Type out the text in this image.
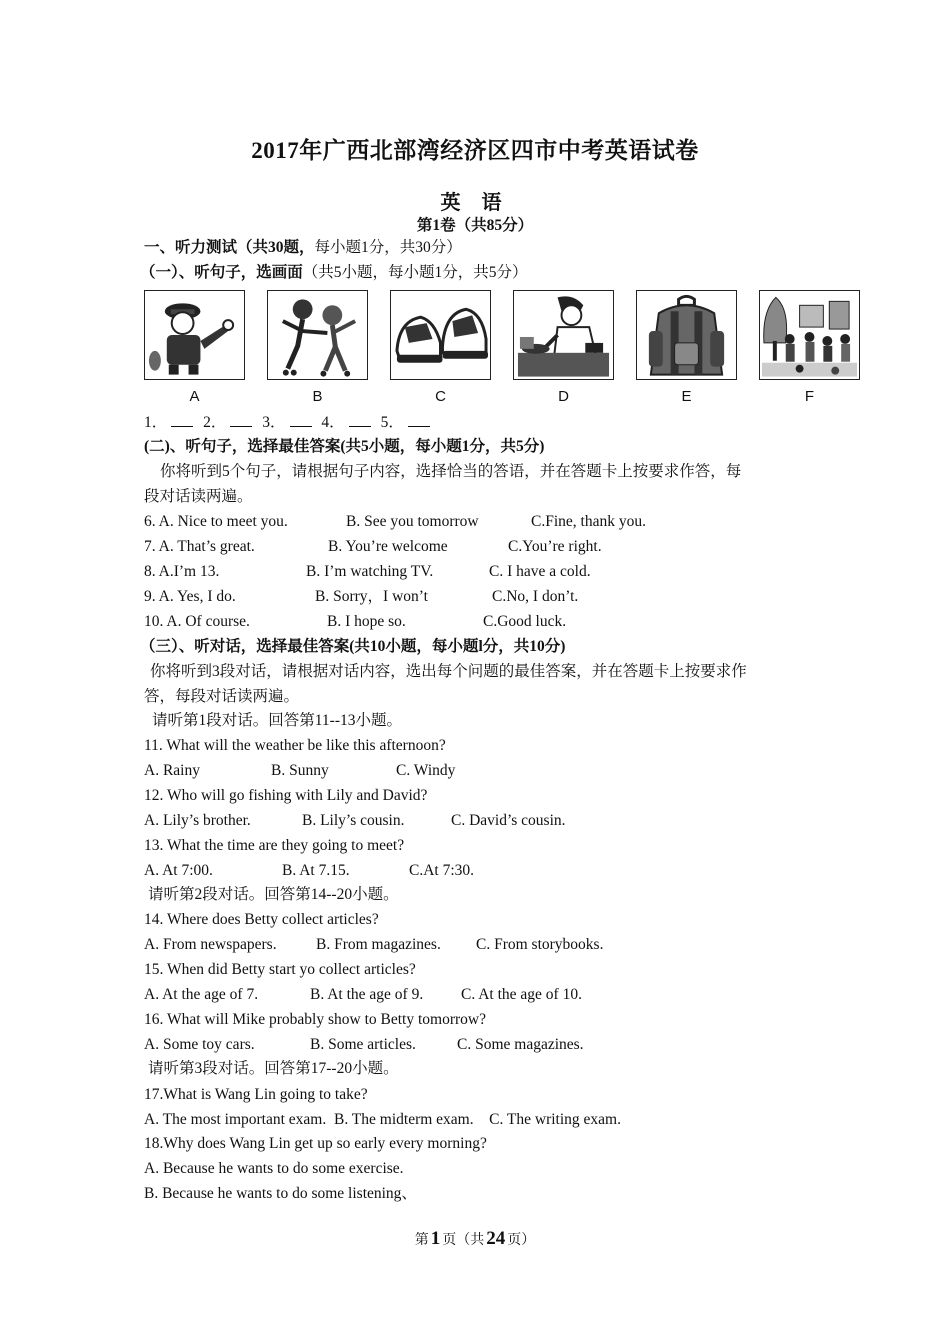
2017年广西北部湾经济区四市中考英语试卷
英 语
第1卷（共85分）
一、听力测试（共30题，每小题1分，共30分）
（一）、听句子，选画面（共5小题，每小题1分，共5分）
A	B	C	D	E	F
1． 2． 3． 4． 5．
(二)、听句子，选择最佳答案(共5小题，每小题1分，共5分)
你将听到5个句子，请根据句子内容，选择恰当的答语，并在答题卡上按要求作答，每
段对话读两遍。
6. A. Nice to meet you.	B. See you tomorrow	C.Fine, thank you.
7. A. That’s great.	B. You’re welcome	C.You’re right.
8. A.I’m 13.	B. I’m watching TV.	C. I have a cold.
9. A. Yes, I do.	B. Sorry，I won’t	C.No, I don’t.
10. A. Of course.	B. I hope so.	C.Good luck.
（三）、听对话，选择最佳答案(共10小题，每小题l分，共10分)
你将听到3段对话，请根据对话内容，选出每个问题的最佳答案，并在答题卡上按要求作
答，每段对话读两遍。
请听第1段对话。回答第11--13小题。
11. What will the weather be like this afternoon?
A. Rainy	B. Sunny	C. Windy
12. Who will go fishing with Lily and David?
A. Lily’s brother.	B. Lily’s cousin.	C. David’s cousin.
13. What the time are they going to meet?
A. At 7:00.	B. At 7.15.	C.At 7:30.
请听第2段对话。回答第14--20小题。
14. Where does Betty collect articles?
A. From newspapers.	B. From magazines. C. From storybooks.
15. When did Betty start yo collect articles?
A. At the age of 7.	B. At the age of 9. C. At the age of 10.
16. What will Mike probably show to Betty tomorrow?
A. Some toy cars.	B. Some articles.	C. Some magazines.
请听第3段对话。回答第17--20小题。
17.What is Wang Lin going to take?
A. The most important exam.  B. The midterm exam.    C. The writing exam.
18.Why does Wang Lin get up so early every morning?
A. Because he wants to do some exercise.
B. Because he wants to do some listening、
第 1 页（共 24 页）
